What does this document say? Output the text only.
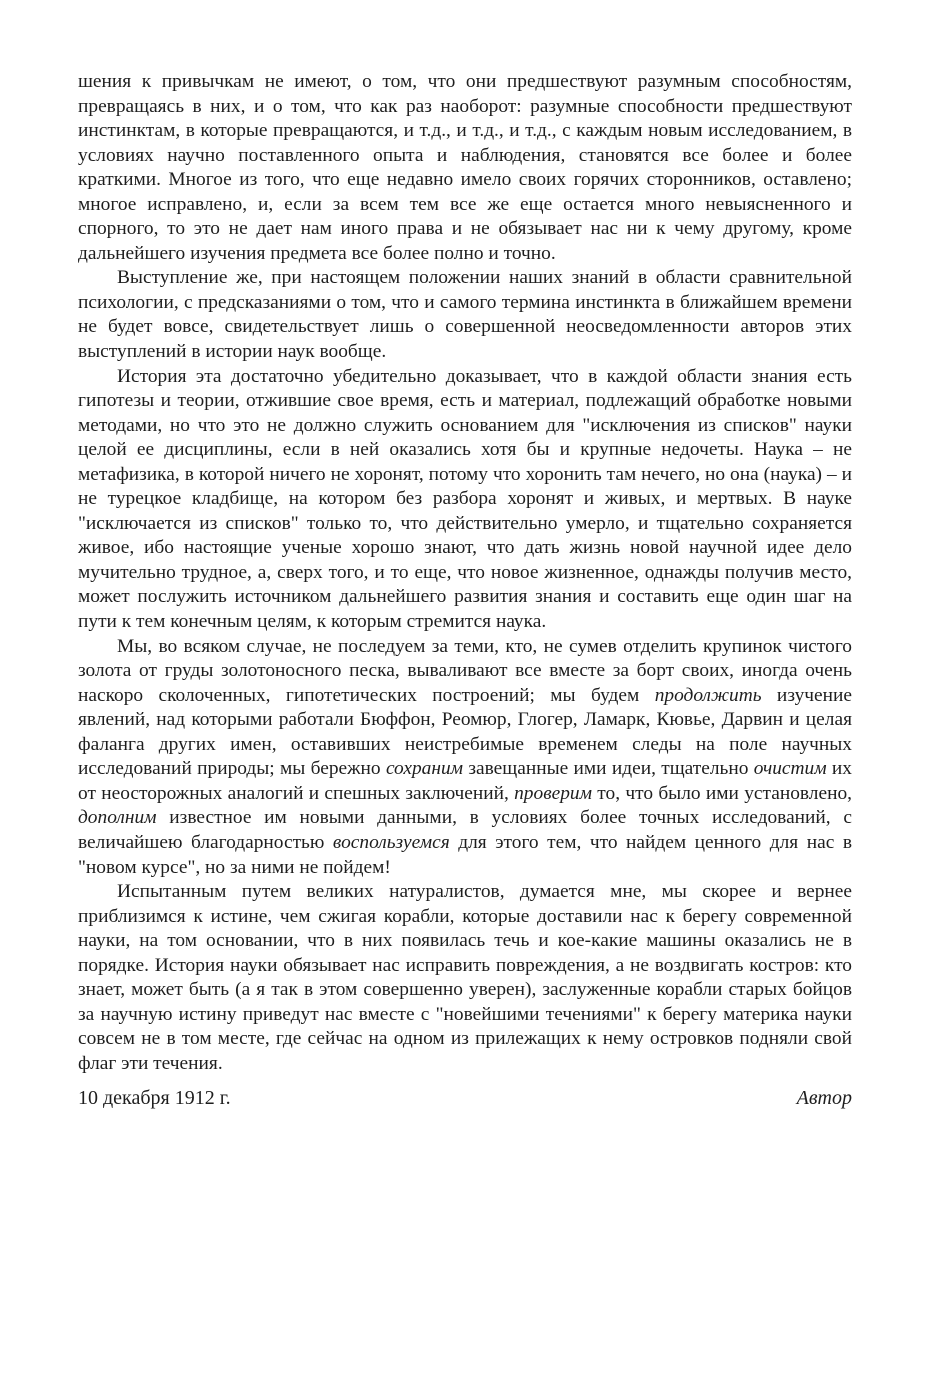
шения к привычкам не имеют, о том, что они предшествуют разумным способностям, превращаясь в них, и о том, что как раз наоборот: разумные способности предшествуют инстинктам, в которые превращаются, и т.д., и т.д., и т.д., с каждым новым исследованием, в условиях научно поставленного опыта и наблюдения, становятся все более и более краткими. Многое из того, что еще недавно имело своих горячих сторонников, оставлено; многое исправлено, и, если за всем тем все же еще остается много невыясненного и спорного, то это не дает нам иного права и не обязывает нас ни к чему другому, кроме дальнейшего изучения предмета все более полно и точно.

Выступление же, при настоящем положении наших знаний в области сравнительной психологии, с предсказаниями о том, что и самого термина инстинкта в ближайшем времени не будет вовсе, свидетельствует лишь о совершенной неосведомленности авторов этих выступлений в истории наук вообще.

История эта достаточно убедительно доказывает, что в каждой области знания есть гипотезы и теории, отжившие свое время, есть и материал, подлежащий обработке новыми методами, но что это не должно служить основанием для "исключения из списков" науки целой ее дисциплины, если в ней оказались хотя бы и крупные недочеты. Наука – не метафизика, в которой ничего не хоронят, потому что хоронить там нечего, но она (наука) – и не турецкое кладбище, на котором без разбора хоронят и живых, и мертвых. В науке "исключается из списков" только то, что действительно умерло, и тщательно сохраняется живое, ибо настоящие ученые хорошо знают, что дать жизнь новой научной идее дело мучительно трудное, а, сверх того, и то еще, что новое жизненное, однажды получив место, может послужить источником дальнейшего развития знания и составить еще один шаг на пути к тем конечным целям, к которым стремится наука.

Мы, во всяком случае, не последуем за теми, кто, не сумев отделить крупинок чистого золота от груды золотоносного песка, вываливают все вместе за борт своих, иногда очень наскоро сколоченных, гипотетических построений; мы будем продолжить изучение явлений, над которыми работали Бюффон, Реомюр, Глогер, Ламарк, Кювье, Дарвин и целая фаланга других имен, оставивших неистребимые временем следы на поле научных исследований природы; мы бережно сохраним завещанные ими идеи, тщательно очистим их от неосторожных аналогий и спешных заключений, проверим то, что было ими установлено, дополним известное им новыми данными, в условиях более точных исследований, с величайшею благодарностью воспользуемся для этого тем, что найдем ценного для нас в "новом курсе", но за ними не пойдем!

Испытанным путем великих натуралистов, думается мне, мы скорее и вернее приблизимся к истине, чем сжигая корабли, которые доставили нас к берегу современной науки, на том основании, что в них появилась течь и кое-какие машины оказались не в порядке. История науки обязывает нас исправить повреждения, а не воздвигать костров: кто знает, может быть (а я так в этом совершенно уверен), заслуженные корабли старых бойцов за научную истину приведут нас вместе с "новейшими течениями" к берегу материка науки совсем не в том месте, где сейчас на одном из прилежащих к нему островков подняли свой флаг эти течения.

10 декабря 1912 г.	Автор
